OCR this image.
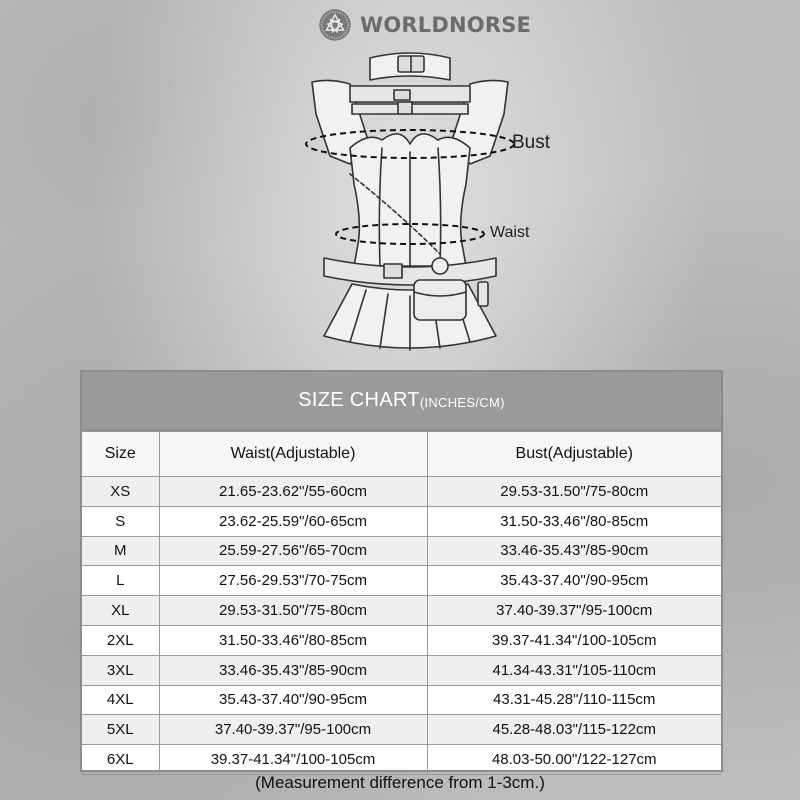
WORLDNORSE
Bust
Waist
SIZE CHART (INCHES/CM)
Size	Waist(Adjustable)	Bust(Adjustable)
XS	21.65-23.62"/55-60cm	29.53-31.50"/75-80cm
S	23.62-25.59"/60-65cm	31.50-33.46"/80-85cm
M	25.59-27.56"/65-70cm	33.46-35.43"/85-90cm
L	27.56-29.53"/70-75cm	35.43-37.40"/90-95cm
XL	29.53-31.50"/75-80cm	37.40-39.37"/95-100cm
2XL	31.50-33.46"/80-85cm	39.37-41.34"/100-105cm
3XL	33.46-35.43"/85-90cm	41.34-43.31"/105-110cm
4XL	35.43-37.40"/90-95cm	43.31-45.28"/110-115cm
5XL	37.40-39.37"/95-100cm	45.28-48.03"/115-122cm
6XL	39.37-41.34"/100-105cm	48.03-50.00"/122-127cm
(Measurement difference from 1-3cm.)
